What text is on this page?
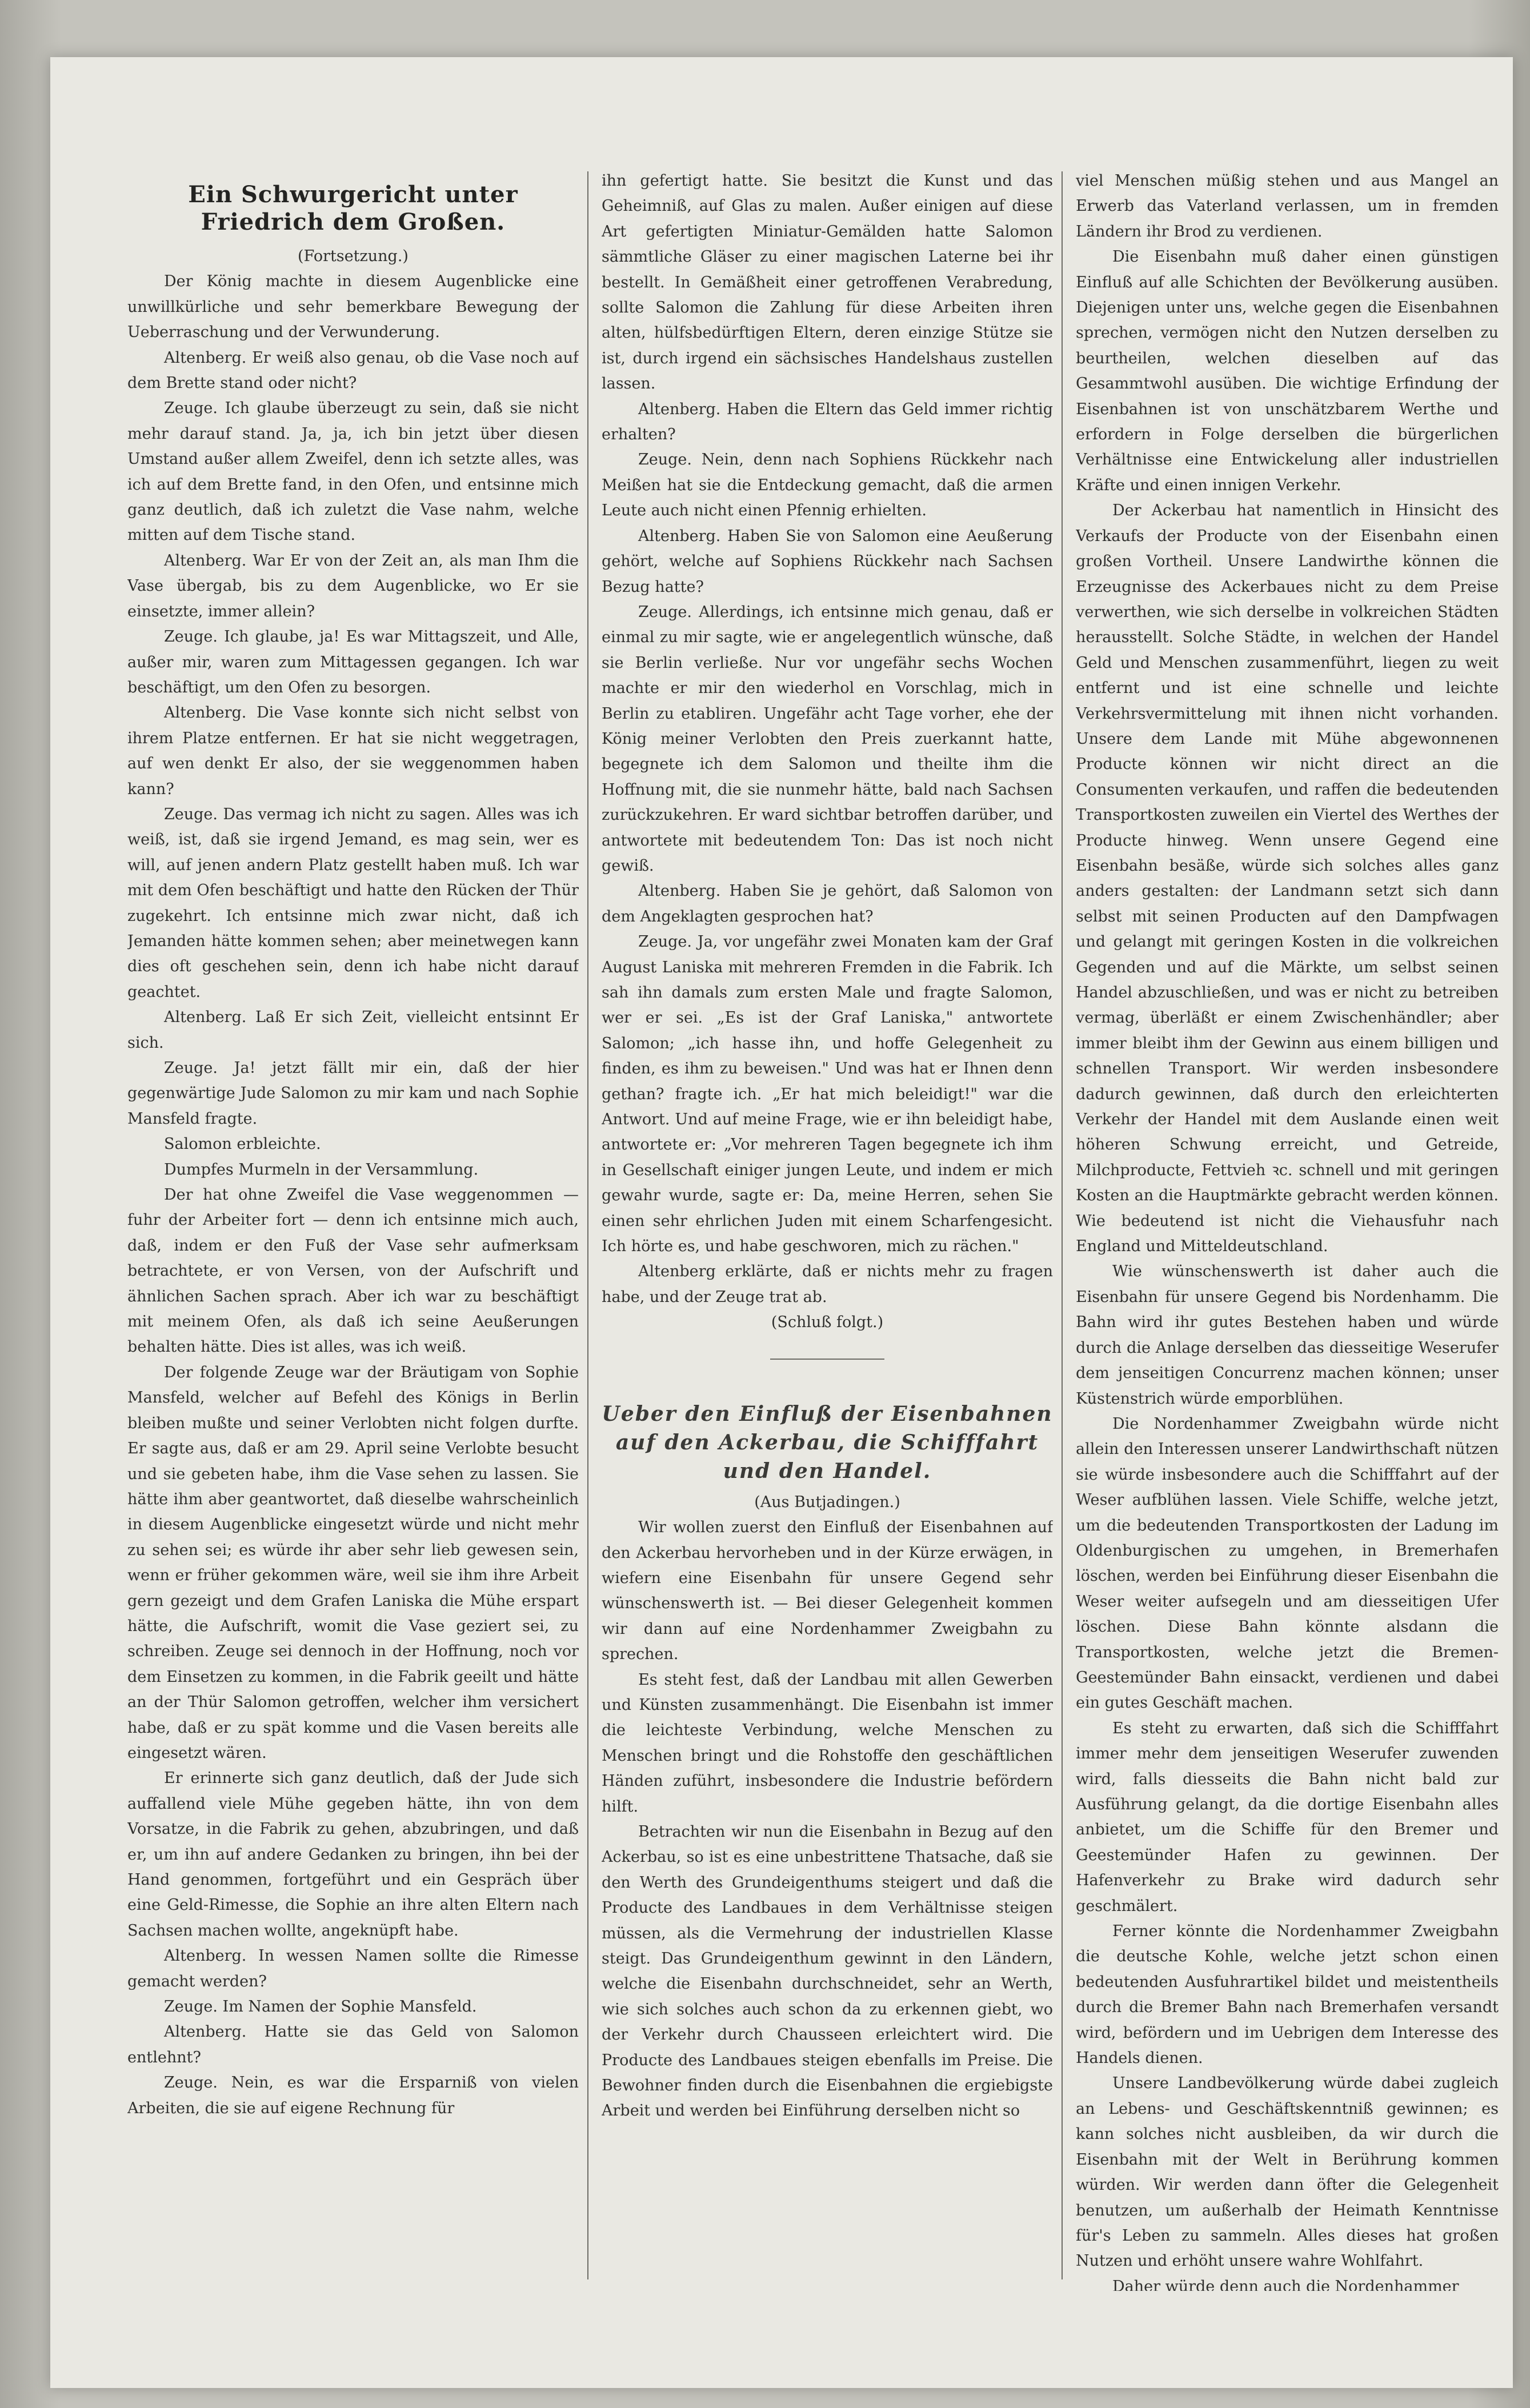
Ein Schwurgericht unter Friedrich dem Großen.

(Fortsetzung.)

Der König machte in diesem Augenblicke eine unwillkürliche und sehr bemerkbare Bewegung der Ueberraschung und der Verwunderung.

Altenberg. Er weiß also genau, ob die Vase noch auf dem Brette stand oder nicht?

Zeuge. Ich glaube überzeugt zu sein, daß sie nicht mehr darauf stand. Ja, ja, ich bin jetzt über diesen Umstand außer allem Zweifel, denn ich setzte alles, was ich auf dem Brette fand, in den Ofen, und entsinne mich ganz deutlich, daß ich zuletzt die Vase nahm, welche mitten auf dem Tische stand.

Altenberg. War Er von der Zeit an, als man Ihm die Vase übergab, bis zu dem Augenblicke, wo Er sie einsetzte, immer allein?

Zeuge. Ich glaube, ja! Es war Mittagszeit, und Alle, außer mir, waren zum Mittagessen gegangen. Ich war beschäftigt, um den Ofen zu besorgen.

Altenberg. Die Vase konnte sich nicht selbst von ihrem Platze entfernen. Er hat sie nicht weggetragen, auf wen denkt Er also, der sie weggenommen haben kann?

Zeuge. Das vermag ich nicht zu sagen. Alles was ich weiß, ist, daß sie irgend Jemand, es mag sein, wer es will, auf jenen andern Platz gestellt haben muß. Ich war mit dem Ofen beschäftigt und hatte den Rücken der Thür zugekehrt. Ich entsinne mich zwar nicht, daß ich Jemanden hätte kommen sehen; aber meinetwegen kann dies oft geschehen sein, denn ich habe nicht darauf geachtet.

Altenberg. Laß Er sich Zeit, vielleicht entsinnt Er sich.

Zeuge. Ja! jetzt fällt mir ein, daß der hier gegenwärtige Jude Salomon zu mir kam und nach Sophie Mansfeld fragte.

Salomon erbleichte.

Dumpfes Murmeln in der Versammlung.

Der hat ohne Zweifel die Vase weggenommen — fuhr der Arbeiter fort — denn ich entsinne mich auch, daß, indem er den Fuß der Vase sehr aufmerksam betrachtete, er von Versen, von der Aufschrift und ähnlichen Sachen sprach. Aber ich war zu beschäftigt mit meinem Ofen, als daß ich seine Aeußerungen behalten hätte. Dies ist alles, was ich weiß.

Der folgende Zeuge war der Bräutigam von Sophie Mansfeld, welcher auf Befehl des Königs in Berlin bleiben mußte und seiner Verlobten nicht folgen durfte. Er sagte aus, daß er am 29. April seine Verlobte besucht und sie gebeten habe, ihm die Vase sehen zu lassen. Sie hätte ihm aber geantwortet, daß dieselbe wahrscheinlich in diesem Augenblicke eingesetzt würde und nicht mehr zu sehen sei; es würde ihr aber sehr lieb gewesen sein, wenn er früher gekommen wäre, weil sie ihm ihre Arbeit gern gezeigt und dem Grafen Laniska die Mühe erspart hätte, die Aufschrift, womit die Vase geziert sei, zu schreiben. Zeuge sei dennoch in der Hoffnung, noch vor dem Einsetzen zu kommen, in die Fabrik geeilt und hätte an der Thür Salomon getroffen, welcher ihm versichert habe, daß er zu spät komme und die Vasen bereits alle eingesetzt wären.

Er erinnerte sich ganz deutlich, daß der Jude sich auffallend viele Mühe gegeben hätte, ihn von dem Vorsatze, in die Fabrik zu gehen, abzubringen, und daß er, um ihn auf andere Gedanken zu bringen, ihn bei der Hand genommen, fortgeführt und ein Gespräch über eine Geld-Rimesse, die Sophie an ihre alten Eltern nach Sachsen machen wollte, angeknüpft habe.

Altenberg. In wessen Namen sollte die Rimesse gemacht werden?

Zeuge. Im Namen der Sophie Mansfeld.

Altenberg. Hatte sie das Geld von Salomon entlehnt?

Zeuge. Nein, es war die Ersparniß von vielen Arbeiten, die sie auf eigene Rechnung für

ihn gefertigt hatte. Sie besitzt die Kunst und das Geheimniß, auf Glas zu malen. Außer einigen auf diese Art gefertigten Miniatur-Gemälden hatte Salomon sämmtliche Gläser zu einer magischen Laterne bei ihr bestellt. In Gemäßheit einer getroffenen Verabredung, sollte Salomon die Zahlung für diese Arbeiten ihren alten, hülfsbedürftigen Eltern, deren einzige Stütze sie ist, durch irgend ein sächsisches Handelshaus zustellen lassen.

Altenberg. Haben die Eltern das Geld immer richtig erhalten?

Zeuge. Nein, denn nach Sophiens Rückkehr nach Meißen hat sie die Entdeckung gemacht, daß die armen Leute auch nicht einen Pfennig erhielten.

Altenberg. Haben Sie von Salomon eine Aeußerung gehört, welche auf Sophiens Rückkehr nach Sachsen Bezug hatte?

Zeuge. Allerdings, ich entsinne mich genau, daß er einmal zu mir sagte, wie er angelegentlich wünsche, daß sie Berlin verließe. Nur vor ungefähr sechs Wochen machte er mir den wiederhol en Vorschlag, mich in Berlin zu etabliren. Ungefähr acht Tage vorher, ehe der König meiner Verlobten den Preis zuerkannt hatte, begegnete ich dem Salomon und theilte ihm die Hoffnung mit, die sie nunmehr hätte, bald nach Sachsen zurückzukehren. Er ward sichtbar betroffen darüber, und antwortete mit bedeutendem Ton: Das ist noch nicht gewiß.

Altenberg. Haben Sie je gehört, daß Salomon von dem Angeklagten gesprochen hat?

Zeuge. Ja, vor ungefähr zwei Monaten kam der Graf August Laniska mit mehreren Fremden in die Fabrik. Ich sah ihn damals zum ersten Male und fragte Salomon, wer er sei. „Es ist der Graf Laniska," antwortete Salomon; „ich hasse ihn, und hoffe Gelegenheit zu finden, es ihm zu beweisen." Und was hat er Ihnen denn gethan? fragte ich. „Er hat mich beleidigt!" war die Antwort. Und auf meine Frage, wie er ihn beleidigt habe, antwortete er: „Vor mehreren Tagen begegnete ich ihm in Gesellschaft einiger jungen Leute, und indem er mich gewahr wurde, sagte er: Da, meine Herren, sehen Sie einen sehr ehrlichen Juden mit einem Scharfengesicht. Ich hörte es, und habe geschworen, mich zu rächen."

Altenberg erklärte, daß er nichts mehr zu fragen habe, und der Zeuge trat ab.

(Schluß folgt.)

Ueber den Einfluß der Eisenbahnen auf den Ackerbau, die Schifffahrt und den Handel.

(Aus Butjadingen.)

Wir wollen zuerst den Einfluß der Eisenbahnen auf den Ackerbau hervorheben und in der Kürze erwägen, in wiefern eine Eisenbahn für unsere Gegend sehr wünschenswerth ist. — Bei dieser Gelegenheit kommen wir dann auf eine Nordenhammer Zweigbahn zu sprechen.

Es steht fest, daß der Landbau mit allen Gewerben und Künsten zusammenhängt. Die Eisenbahn ist immer die leichteste Verbindung, welche Menschen zu Menschen bringt und die Rohstoffe den geschäftlichen Händen zuführt, insbesondere die Industrie befördern hilft.

Betrachten wir nun die Eisenbahn in Bezug auf den Ackerbau, so ist es eine unbestrittene Thatsache, daß sie den Werth des Grundeigenthums steigert und daß die Producte des Landbaues in dem Verhältnisse steigen müssen, als die Vermehrung der industriellen Klasse steigt. Das Grundeigenthum gewinnt in den Ländern, welche die Eisenbahn durchschneidet, sehr an Werth, wie sich solches auch schon da zu erkennen giebt, wo der Verkehr durch Chausseen erleichtert wird. Die Producte des Landbaues steigen ebenfalls im Preise. Die Bewohner finden durch die Eisenbahnen die ergiebigste Arbeit und werden bei Einführung derselben nicht so

viel Menschen müßig stehen und aus Mangel an Erwerb das Vaterland verlassen, um in fremden Ländern ihr Brod zu verdienen.

Die Eisenbahn muß daher einen günstigen Einfluß auf alle Schichten der Bevölkerung ausüben. Diejenigen unter uns, welche gegen die Eisenbahnen sprechen, vermögen nicht den Nutzen derselben zu beurtheilen, welchen dieselben auf das Gesammtwohl ausüben. Die wichtige Erfindung der Eisenbahnen ist von unschätzbarem Werthe und erfordern in Folge derselben die bürgerlichen Verhältnisse eine Entwickelung aller industriellen Kräfte und einen innigen Verkehr.

Der Ackerbau hat namentlich in Hinsicht des Verkaufs der Producte von der Eisenbahn einen großen Vortheil. Unsere Landwirthe können die Erzeugnisse des Ackerbaues nicht zu dem Preise verwerthen, wie sich derselbe in volkreichen Städten herausstellt. Solche Städte, in welchen der Handel Geld und Menschen zusammenführt, liegen zu weit entfernt und ist eine schnelle und leichte Verkehrsvermittelung mit ihnen nicht vorhanden. Unsere dem Lande mit Mühe abgewonnenen Producte können wir nicht direct an die Consumenten verkaufen, und raffen die bedeutenden Transportkosten zuweilen ein Viertel des Werthes der Producte hinweg. Wenn unsere Gegend eine Eisenbahn besäße, würde sich solches alles ganz anders gestalten: der Landmann setzt sich dann selbst mit seinen Producten auf den Dampfwagen und gelangt mit geringen Kosten in die volkreichen Gegenden und auf die Märkte, um selbst seinen Handel abzuschließen, und was er nicht zu betreiben vermag, überläßt er einem Zwischenhändler; aber immer bleibt ihm der Gewinn aus einem billigen und schnellen Transport. Wir werden insbesondere dadurch gewinnen, daß durch den erleichterten Verkehr der Handel mit dem Auslande einen weit höheren Schwung erreicht, und Getreide, Milchproducte, Fettvieh ꝛc. schnell und mit geringen Kosten an die Hauptmärkte gebracht werden können. Wie bedeutend ist nicht die Viehausfuhr nach England und Mitteldeutschland.

Wie wünschenswerth ist daher auch die Eisenbahn für unsere Gegend bis Nordenhamm. Die Bahn wird ihr gutes Bestehen haben und würde durch die Anlage derselben das diesseitige Weserufer dem jenseitigen Concurrenz machen können; unser Küstenstrich würde emporblühen.

Die Nordenhammer Zweigbahn würde nicht allein den Interessen unserer Landwirthschaft nützen sie würde insbesondere auch die Schifffahrt auf der Weser aufblühen lassen. Viele Schiffe, welche jetzt, um die bedeutenden Transportkosten der Ladung im Oldenburgischen zu umgehen, in Bremerhafen löschen, werden bei Einführung dieser Eisenbahn die Weser weiter aufsegeln und am diesseitigen Ufer löschen. Diese Bahn könnte alsdann die Transportkosten, welche jetzt die Bremen-Geestemünder Bahn einsackt, verdienen und dabei ein gutes Geschäft machen.

Es steht zu erwarten, daß sich die Schifffahrt immer mehr dem jenseitigen Weserufer zuwenden wird, falls diesseits die Bahn nicht bald zur Ausführung gelangt, da die dortige Eisenbahn alles anbietet, um die Schiffe für den Bremer und Geestemünder Hafen zu gewinnen. Der Hafenverkehr zu Brake wird dadurch sehr geschmälert.

Ferner könnte die Nordenhammer Zweigbahn die deutsche Kohle, welche jetzt schon einen bedeutenden Ausfuhrartikel bildet und meistentheils durch die Bremer Bahn nach Bremerhafen versandt wird, befördern und im Uebrigen dem Interesse des Handels dienen.

Unsere Landbevölkerung würde dabei zugleich an Lebens- und Geschäftskenntniß gewinnen; es kann solches nicht ausbleiben, da wir durch die Eisenbahn mit der Welt in Berührung kommen würden. Wir werden dann öfter die Gelegenheit benutzen, um außerhalb der Heimath Kenntnisse für's Leben zu sammeln. Alles dieses hat großen Nutzen und erhöht unsere wahre Wohlfahrt.

Daher würde denn auch die Nordenhammer
